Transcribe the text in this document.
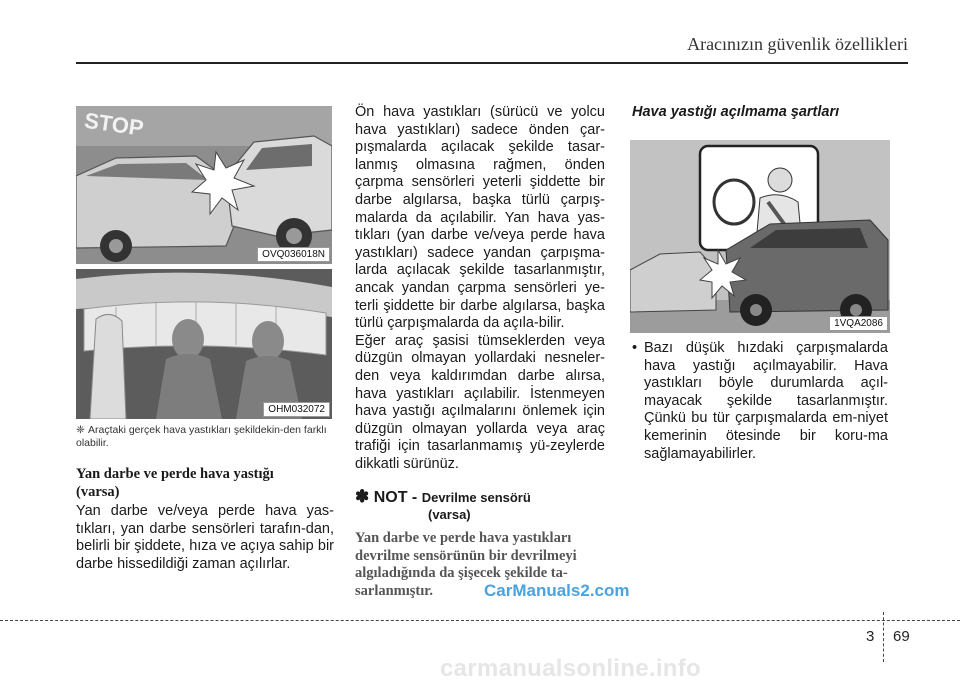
Aracınızın güvenlik özellikleri
STOP
OVQ036018N
OHM032072
❈ Araçtaki gerçek hava yastıkları şekildekin-den farklı olabilir.
Yan darbe ve perde hava yastığı
(varsa)
Yan darbe ve/veya perde hava yas-tıkları, yan darbe sensörleri tarafın-dan, belirli bir şiddete, hıza ve açıya sahip bir darbe hissedildiği zaman açılırlar.
Ön hava yastıkları (sürücü ve yolcu hava yastıkları) sadece önden çar-pışmalarda açılacak şekilde tasar-lanmış olmasına rağmen, önden çarpma sensörleri yeterli şiddette bir darbe algılarsa, başka türlü çarpış-malarda da açılabilir. Yan hava yas-tıkları (yan darbe ve/veya perde hava yastıkları) sadece yandan çarpışma-larda açılacak şekilde tasarlanmıştır, ancak yandan çarpma sensörleri ye-terli şiddette bir darbe algılarsa, başka türlü çarpışmalarda da açıla-bilir.
Eğer araç şasisi tümseklerden veya düzgün olmayan yollardaki nesneler-den veya kaldırımdan darbe alırsa, hava yastıkları açılabilir. İstenmeyen hava yastığı açılmalarını önlemek için düzgün olmayan yollarda veya araç trafiği için tasarlanmamış yü-zeylerde dikkatli sürünüz.
✽ NOT - Devrilme sensörü
(varsa)
Yan darbe ve perde hava yastıkları devrilme sensörünün bir devrilmeyi algıladığında da şişecek şekilde ta-sarlanmıştır.
Hava yastığı açılmama şartları
1VQA2086
• Bazı düşük hızdaki çarpışmalarda hava yastığı açılmayabilir. Hava yastıkları böyle durumlarda açıl-mayacak şekilde tasarlanmıştır. Çünkü bu tür çarpışmalarda em-niyet kemerinin ötesinde bir koru-ma sağlamayabilirler.
CarManuals2.com
3 69
carmanualsonline.info
